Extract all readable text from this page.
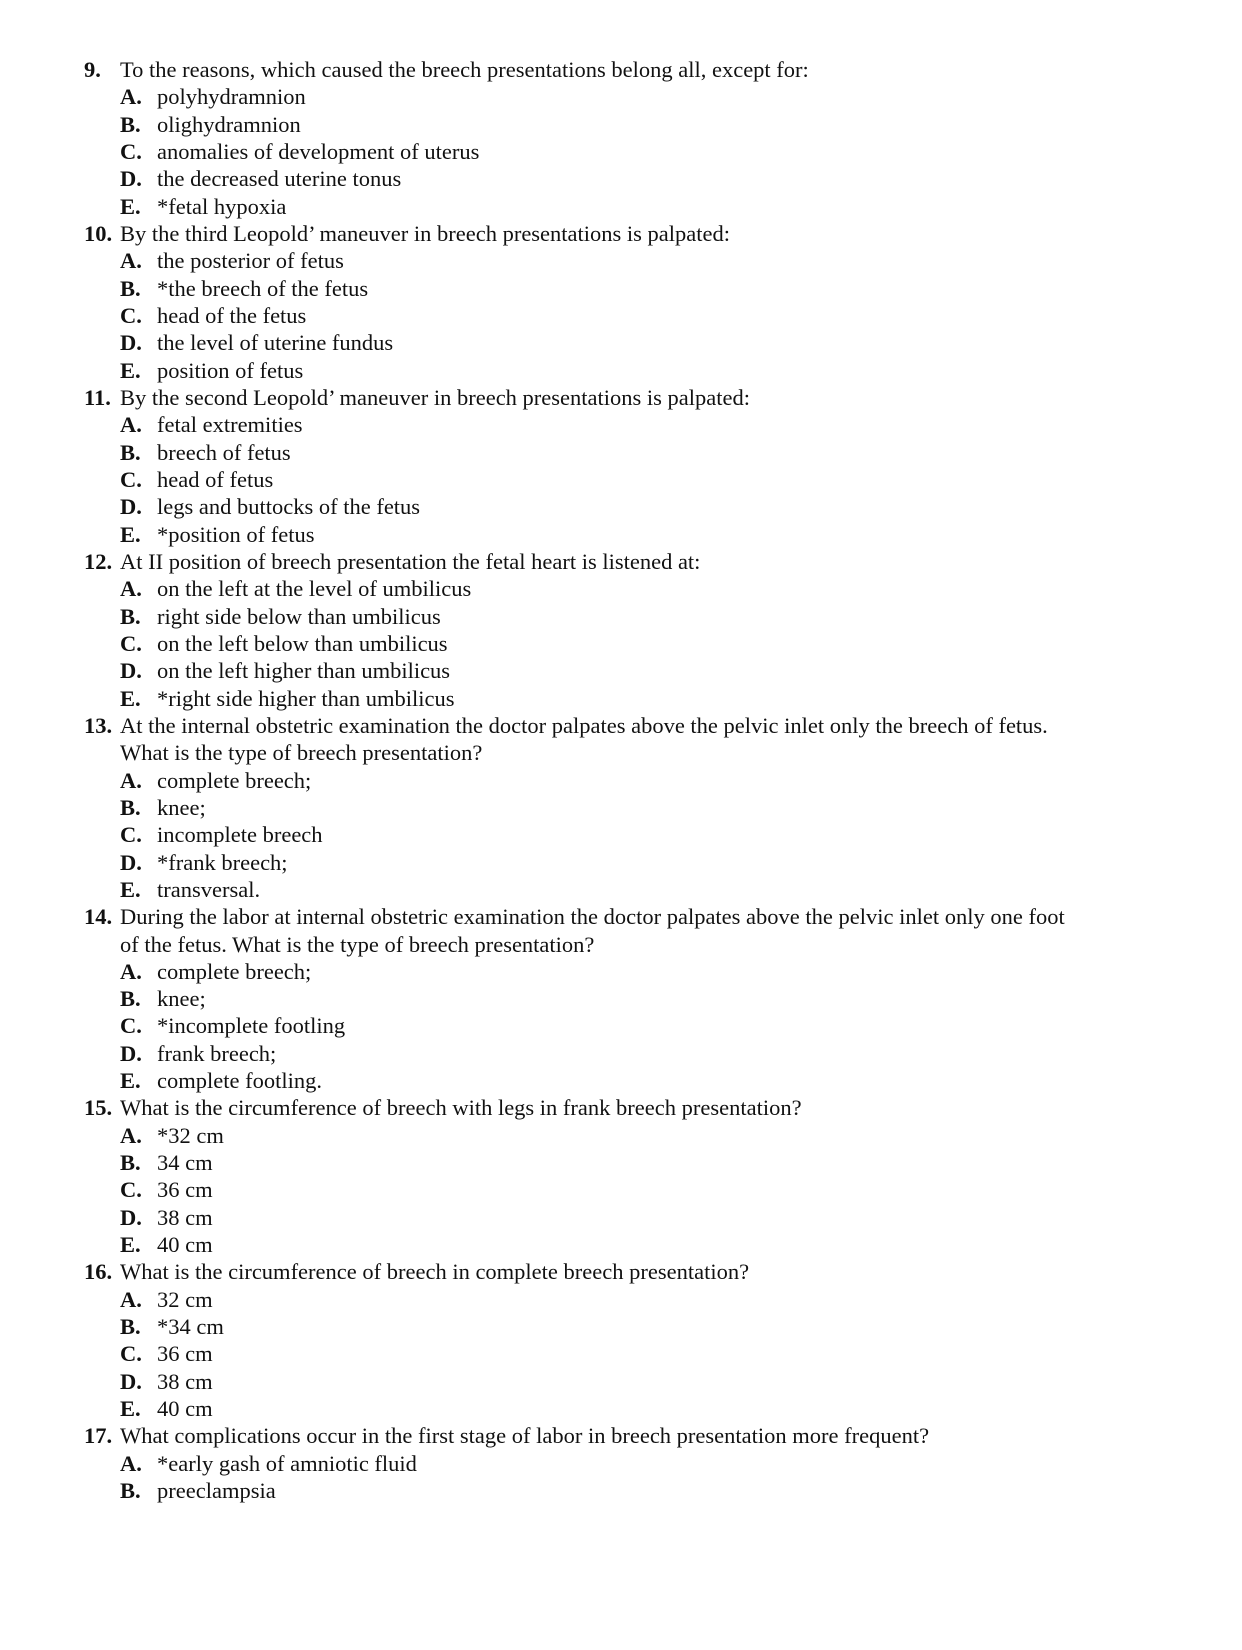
9. To the reasons, which caused the breech presentations belong all, except for:
A. polyhydramnion
B. olighydramnion
C. anomalies of development of uterus
D. the decreased uterine tonus
E. *fetal hypoxia
10. By the third Leopold’ maneuver in breech presentations is palpated:
A. the posterior of fetus
B. *the breech of the fetus
C. head of the fetus
D. the level of uterine fundus
E. position of fetus
11. By the second Leopold’ maneuver in breech presentations is palpated:
A. fetal extremities
B. breech of fetus
C. head of fetus
D. legs and buttocks of the fetus
E. *position of fetus
12. At II position of breech presentation the fetal heart is listened at:
A. on the left at the level of umbilicus
B. right side below than umbilicus
C. on the left below than umbilicus
D. on the left higher than umbilicus
E. *right side higher than umbilicus
13. At the internal obstetric examination the doctor palpates above the pelvic inlet only the breech of fetus.
What is the type of breech presentation?
A. complete breech;
B. knee;
C. incomplete breech
D. *frank breech;
E. transversal.
14. During the labor at internal obstetric examination the doctor palpates above the pelvic inlet only one foot
of the fetus. What is the type of breech presentation?
A. complete breech;
B. knee;
C. *incomplete footling
D. frank breech;
E. complete footling.
15. What is the circumference of breech with legs in frank breech presentation?
A. *32 cm
B. 34 cm
C. 36 cm
D. 38 cm
E. 40 cm
16. What is the circumference of breech in complete breech presentation?
A. 32 cm
B. *34 cm
C. 36 cm
D. 38 cm
E. 40 cm
17. What complications occur in the first stage of labor in breech presentation more frequent?
A. *early gash of amniotic fluid
B. preeclampsia
